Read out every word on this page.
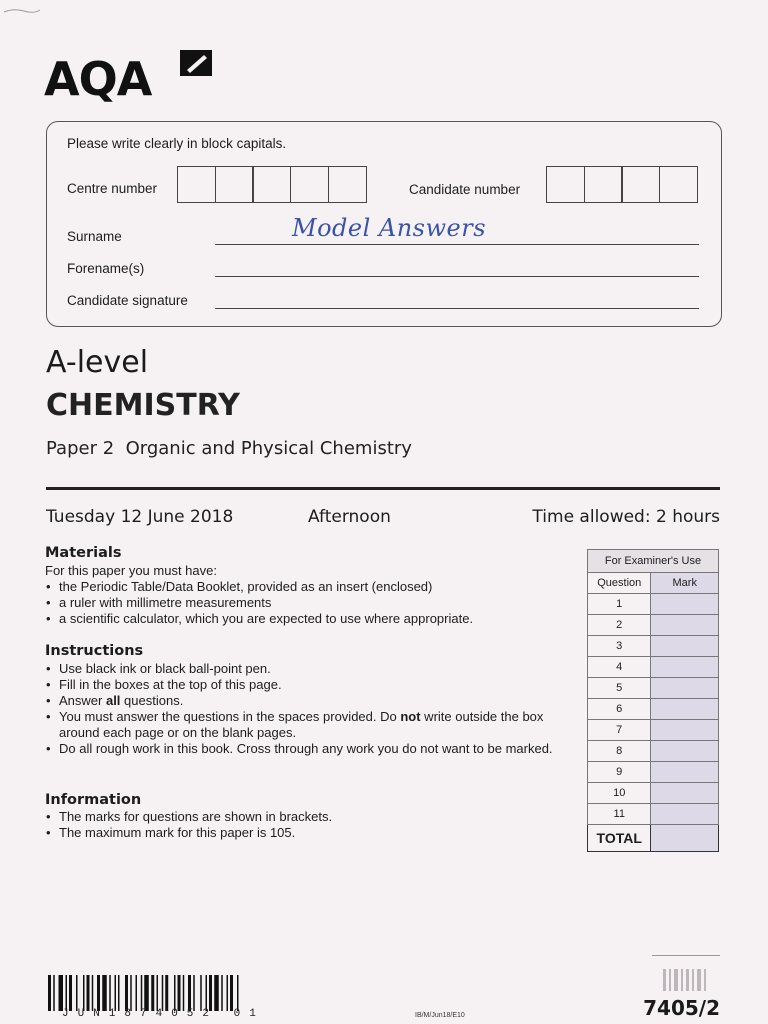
AQA
Please write clearly in block capitals.
Centre number	Candidate number
Surname	Model Answers
Forename(s)
Candidate signature
A-level
CHEMISTRY
Paper 2  Organic and Physical Chemistry
Tuesday 12 June 2018	Afternoon	Time allowed: 2 hours
Materials
For this paper you must have:
• the Periodic Table/Data Booklet, provided as an insert (enclosed)
• a ruler with millimetre measurements
• a scientific calculator, which you are expected to use where appropriate.
Instructions
• Use black ink or black ball-point pen.
• Fill in the boxes at the top of this page.
• Answer all questions.
• You must answer the questions in the spaces provided. Do not write outside the box around each page or on the blank pages.
• Do all rough work in this book. Cross through any work you do not want to be marked.
Information
• The marks for questions are shown in brackets.
• The maximum mark for this paper is 105.
For Examiner's Use	
Question	Mark
1	
2	
3	
4	
5	
6	
7	
8	
9	
10	
11	
TOTAL	
JUN1874052 01	IB/M/Jun18/E10	7405/2
